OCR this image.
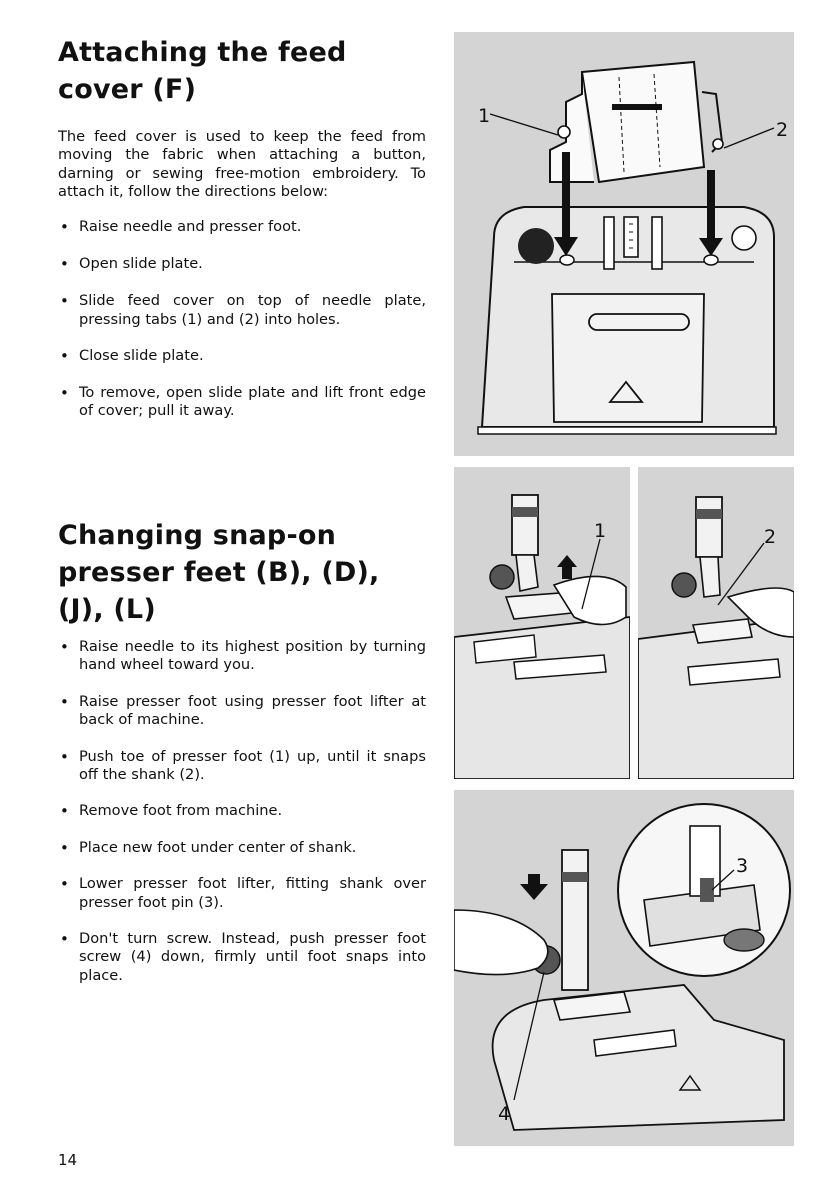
Attaching the feed
cover (F)

The feed cover is used to keep the feed from moving the fabric when attaching a button, darning or sewing free-motion embroidery. To attach it, follow the directions below:

• Raise needle and presser foot.
• Open slide plate.
• Slide feed cover on top of needle plate, pressing tabs (1) and (2) into holes.
• Close slide plate.
• To remove, open slide plate and lift front edge of cover; pull it away.
Changing snap-on
presser feet (B), (D),
(J), (L)
• Raise needle to its highest position by turning hand wheel toward you.
• Raise presser foot using presser foot lifter at back of machine.
• Push toe of presser foot (1) up, until it snaps off the shank (2).
• Remove foot from machine.
• Place new foot under center of shank.
• Lower presser foot lifter, fitting shank over presser foot pin (3).
• Don't turn screw. Instead, push presser foot screw (4) down, firmly until foot snaps into place.
1
2
1	2
3
4
14
